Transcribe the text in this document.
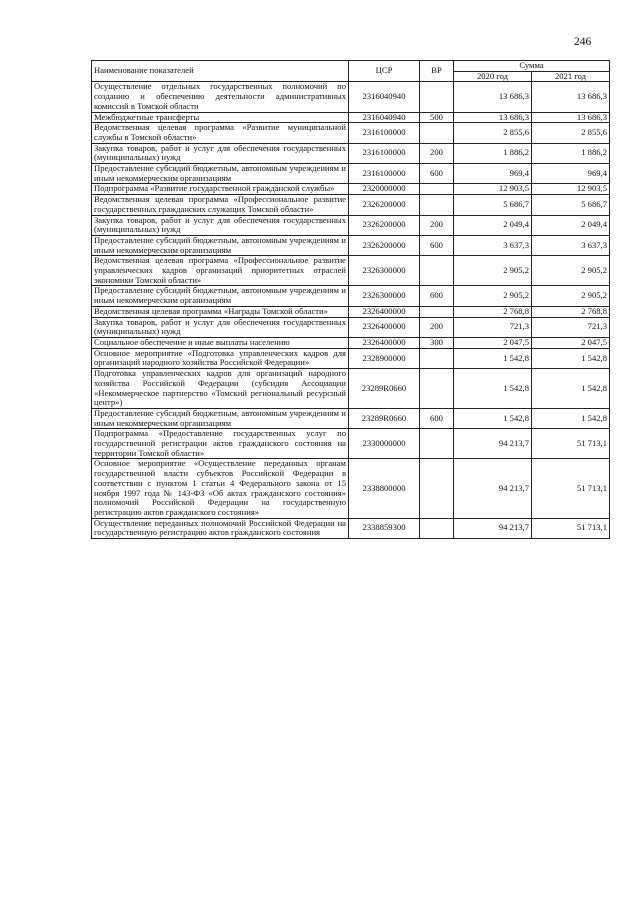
246
Наименование показателей	ЦСР	ВР	Сумма	
			2020 год	2021 год
Осуществление отдельных государственных полномочий по созданию и обеспечению деятельности административных комиссий в Томской области	2316040940		13 686,3	13 686,3
Межбюджетные трансферты	2316040940	500	13 686,3	13 686,3
Ведомственная целевая программа «Развитие муниципальной службы в Томской области»	2316100000		2 855,6	2 855,6
Закупка товаров, работ и услуг для обеспечения государственных (муниципальных) нужд	2316100000	200	1 886,2	1 886,2
Предоставление субсидий бюджетным, автономным учреждениям и иным некоммерческим организациям	2316100000	600	969,4	969,4
Подпрограмма «Развитие государственной гражданской службы»	2320000000		12 903,5	12 903,5
Ведомственная целевая программа «Профессиональное развитие государственных гражданских служащих Томской области»	2326200000		5 686,7	5 686,7
Закупка товаров, работ и услуг для обеспечения государственных (муниципальных) нужд	2326200000	200	2 049,4	2 049,4
Предоставление субсидий бюджетным, автономным учреждениям и иным некоммерческим организациям	2326200000	600	3 637,3	3 637,3
Ведомственная целевая программа «Профессиональное развитие управленческих кадров организаций приоритетных отраслей экономики Томской области»	2326300000		2 905,2	2 905,2
Предоставление субсидий бюджетным, автономным учреждениям и иным некоммерческим организациям	2326300000	600	2 905,2	2 905,2
Ведомственная целевая программа «Награды Томской области»	2326400000		2 768,8	2 768,8
Закупка товаров, работ и услуг для обеспечения государственных (муниципальных) нужд	2326400000	200	721,3	721,3
Социальное обеспечение и иные выплаты населению	2326400000	300	2 047,5	2 047,5
Основное мероприятие «Подготовка управленческих кадров для организаций народного хозяйства Российской Федерации»	2328900000		1 542,8	1 542,8
Подготовка управленческих кадров для организаций народного хозяйства Российской Федерации (субсидия Ассоциации «Некоммерческое партнерство «Томский региональный ресурсный центр»)	23289R0660		1 542,8	1 542,8
Предоставление субсидий бюджетным, автономным учреждениям и иным некоммерческим организациям	23289R0660	600	1 542,8	1 542,8
Подпрограмма «Предоставление государственных услуг по государственной регистрации актов гражданского состояния на территории Томской области»	2330000000		94 213,7	51 713,1
Основное мероприятие «Осуществление переданных органам государственной власти субъектов Российской Федерации в соответствии с пунктом 1 статьи 4 Федерального закона от 15 ноября 1997 года № 143-ФЗ «Об актах гражданского состояния» полномочий Российской Федерации на государственную регистрацию актов гражданского состояния»	2338800000		94 213,7	51 713,1
Осуществление переданных полномочий Российской Федерации на государственную регистрацию актов гражданского состояния	2338859300		94 213,7	51 713,1
